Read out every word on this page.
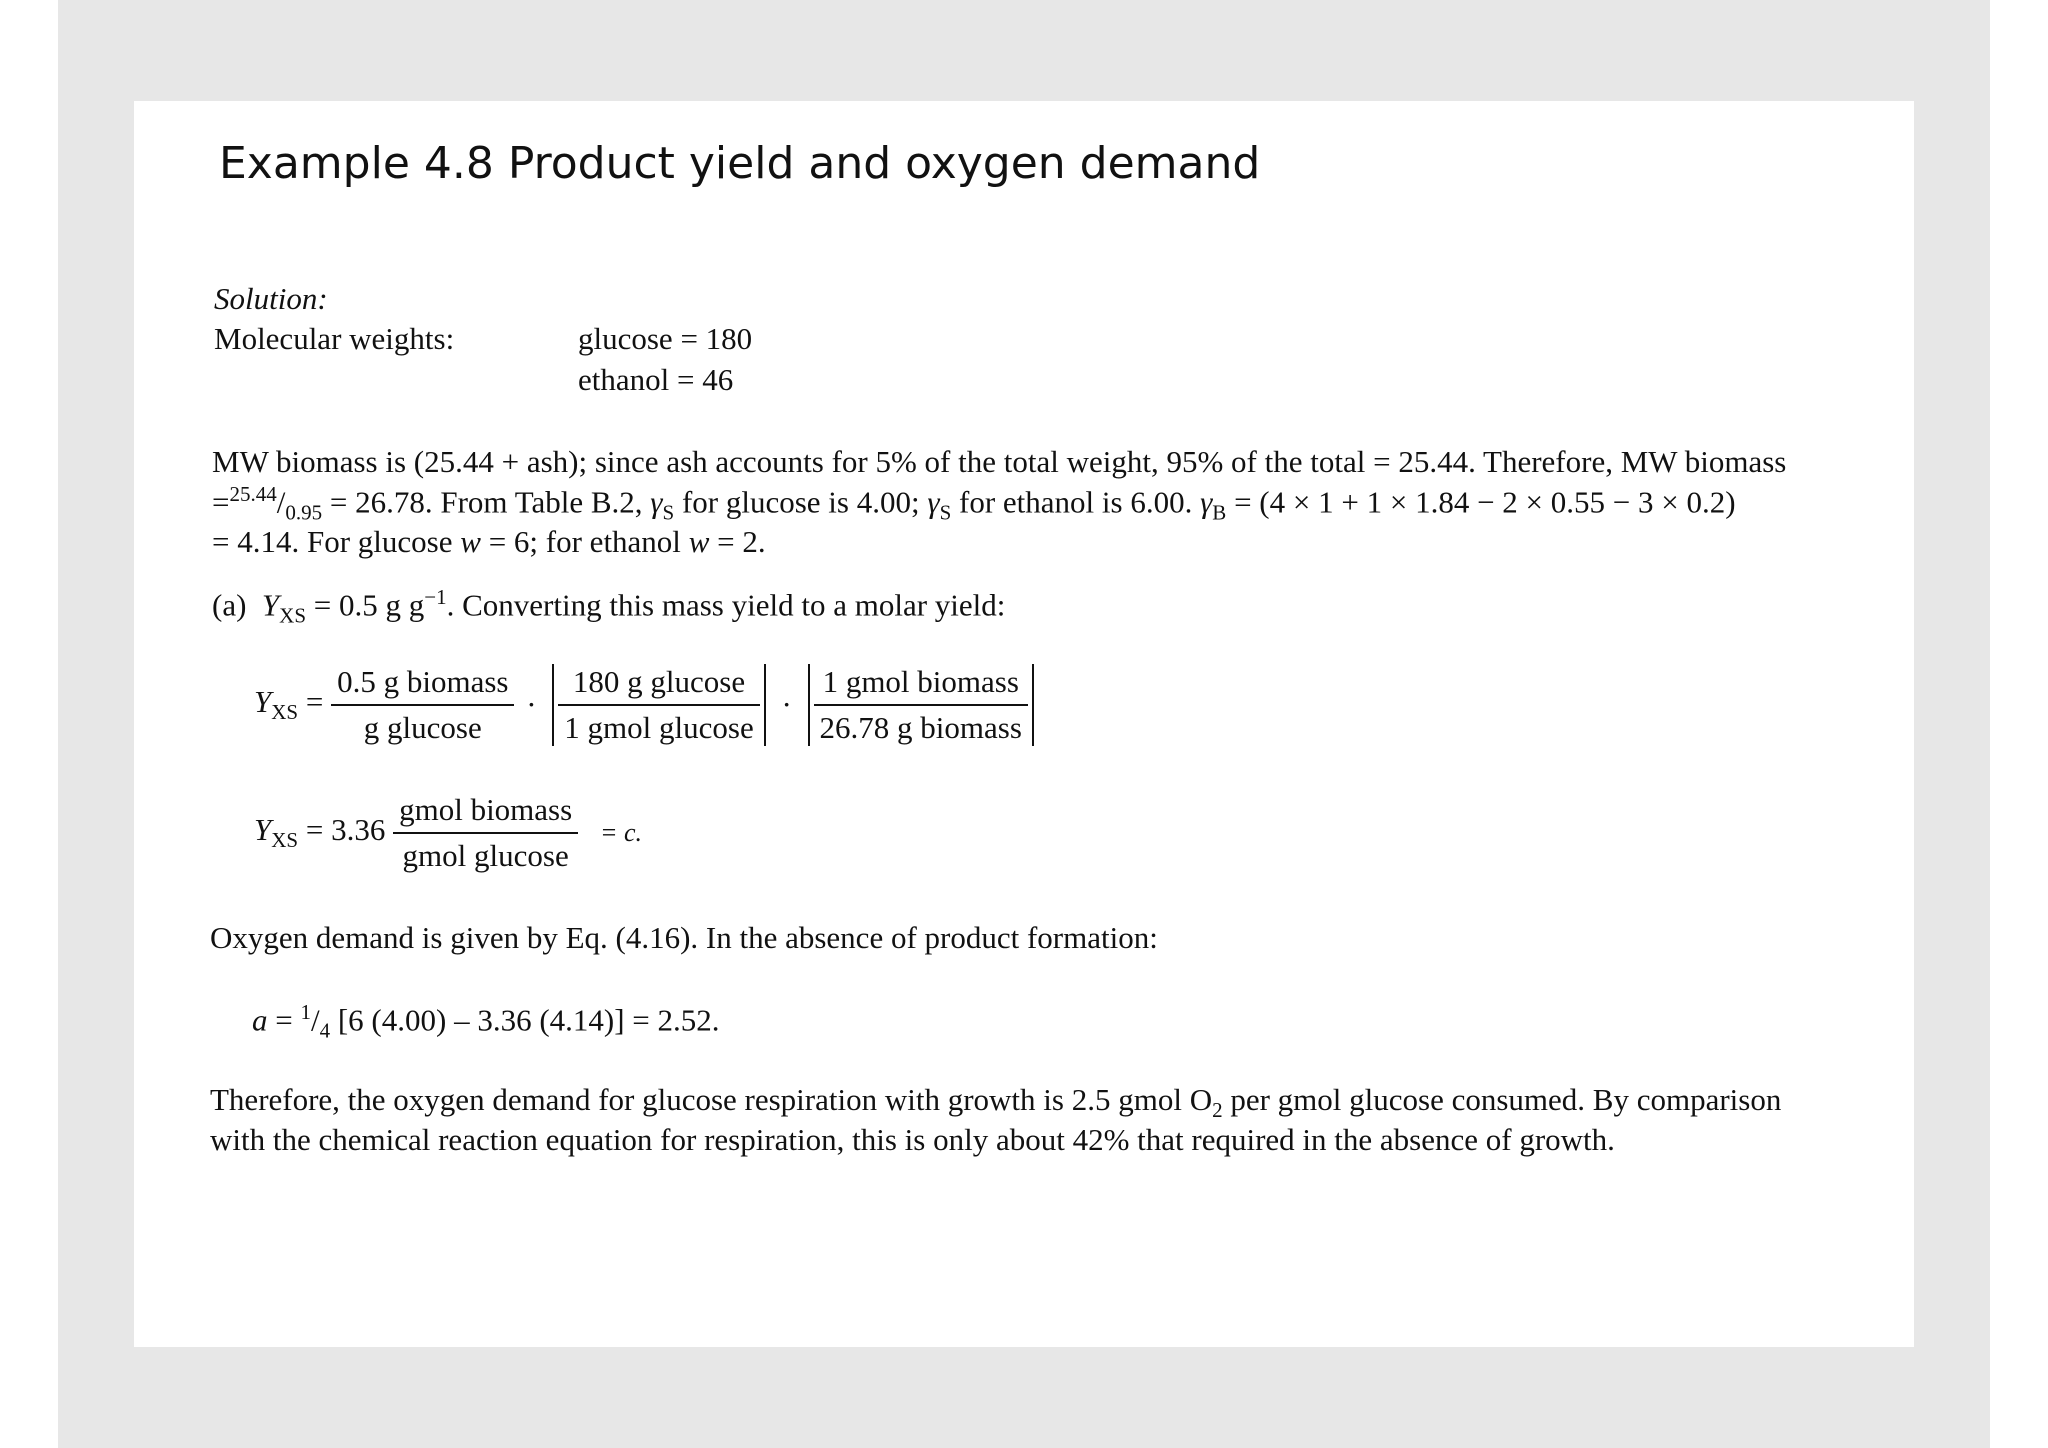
Example 4.8 Product yield and oxygen demand
Solution:
Molecular weights:	glucose = 180
ethanol = 46
MW biomass is (25.44 + ash); since ash accounts for 5% of the total weight, 95% of the total = 25.44. Therefore, MW biomass
$=^{25.44}/_{0.95} = 26.78$. From Table B.2, $\gamma_S$ for glucose is 4.00; $\gamma_S$ for ethanol is 6.00. $\gamma_B = (4 \times 1 + 1 \times 1.84 - 2 \times 0.55 - 3 \times 0.2)$
= 4.14. For glucose w = 6; for ethanol w = 2.
(a) $Y_{XS} = 0.5$ g $g^{-1}$. Converting this mass yield to a molar yield:
$Y_{XS} = \frac{\text{0.5 g biomass}}{\text{g glucose}} \cdot \frac{\text{180 g glucose}}{\text{1 gmol glucose}} \cdot \frac{\text{1 gmol biomass}}{\text{26.78 g biomass}}$
$Y_{XS} = 3.36 \frac{\text{gmol biomass}}{\text{gmol glucose}} = c$.
Oxygen demand is given by Eq. (4.16). In the absence of product formation:
$a = ^1/_4$ [6 (4.00) – 3.36 (4.14)] = 2.52.
Therefore, the oxygen demand for glucose respiration with growth is 2.5 gmol $O_2$ per gmol glucose consumed. By comparison
with the chemical reaction equation for respiration, this is only about 42% that required in the absence of growth.
